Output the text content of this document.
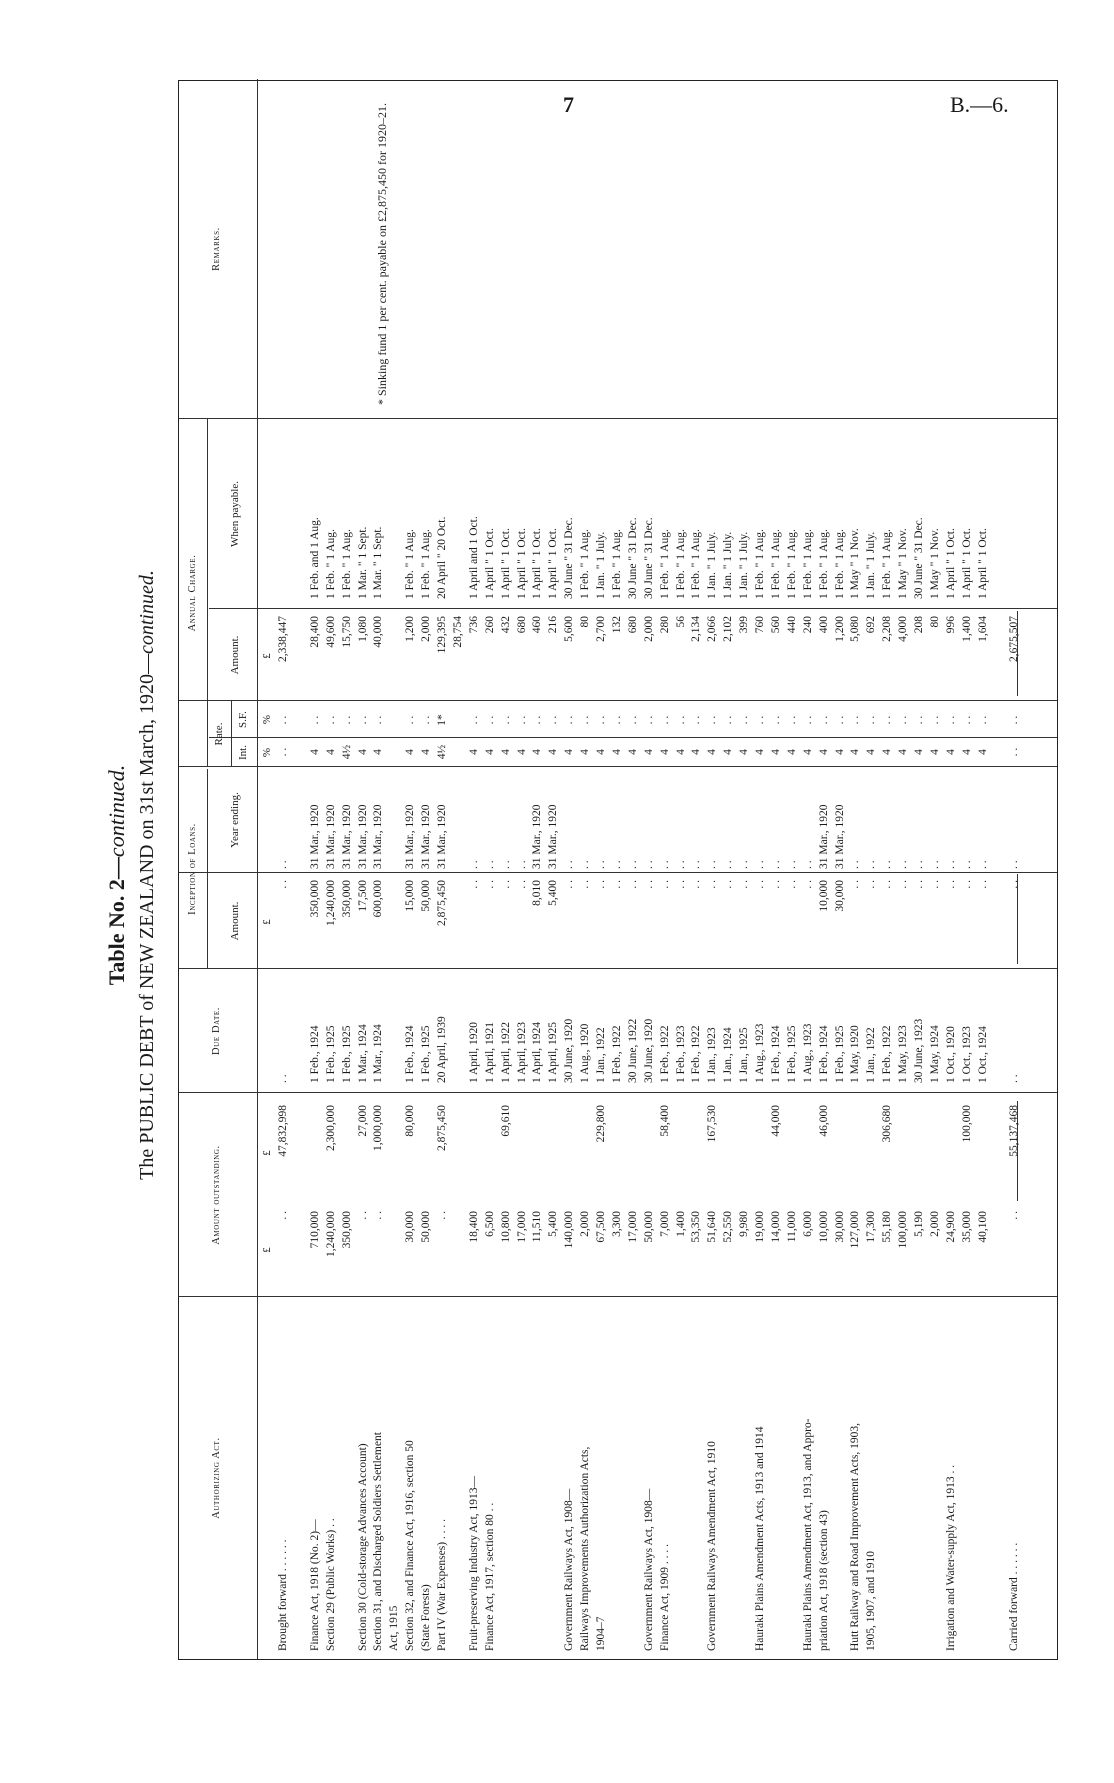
7	B.—6.
Table No. 2—continued. The PUBLIC DEBT of NEW ZEALAND on 31st March, 1920—continued.
Authorizing Act.
Amount outstanding.
Due Date.
Inception of Loans.
Amount.
Year ending.
Annual Charge.
Rate.
Int.
S.F.
Amount.
When payable.
Remarks.
£
£
£
%
%
£
Brought forward . . . . . .
. .
47,832,998
. .
. .
. .
. .
. .
2,338,447
Finance Act, 1918 (No. 2)—
710,000
1 Feb., 1924
350,000
31 Mar., 1920
4
. .
28,400
1 Feb. and 1 Aug.
Section 29 (Public Works) . .
1,240,000
2,300,000
1 Feb., 1925
1,240,000
31 Mar., 1920
4
. .
49,600
1 Feb. " 1 Aug.
350,000
1 Feb., 1925
350,000
31 Mar., 1920
4½
. .
15,750
1 Feb. " 1 Aug.
Section 30 (Cold-storage Advances Account)
. .
27,000
1 Mar., 1924
17,500
31 Mar., 1920
4
. .
1,080
1 Mar. " 1 Sept.
Section 31, and Discharged Soldiers Settlement
. .
1,000,000
1 Mar., 1924
600,000
31 Mar., 1920
4
. .
40,000
1 Mar. " 1 Sept.
Act, 1915 Section 32, and Finance Act, 1916, section 50
30,000
80,000
1 Feb., 1924
15,000
31 Mar., 1920
4
. .
1,200
1 Feb. " 1 Aug.
(State Forests)
50,000
1 Feb., 1925
50,000
31 Mar., 1920
4
. .
2,000
1 Feb. " 1 Aug.
Part IV (War Expenses) . . . .
. .
2,875,450
20 April, 1939
2,875,450
31 Mar., 1920
4½
1*
129,395
20 April " 20 Oct.
28,754
Fruit-preserving Industry Act, 1913—
18,400
1 April, 1920
. .
. .
4
. .
736
1 April and 1 Oct.
Finance Act, 1917, section 80 . .
6,500
1 April, 1921
. .
. .
4
. .
260
1 April " 1 Oct.
10,800
69,610
1 April, 1922
. .
. .
4
. .
432
1 April " 1 Oct.
17,000
1 April, 1923
. .
. .
4
. .
680
1 April " 1 Oct.
11,510
1 April, 1924
8,010
31 Mar., 1920
4
. .
460
1 April " 1 Oct.
5,400
1 April, 1925
5,400
31 Mar., 1920
4
. .
216
1 April " 1 Oct.
Government Railways Act, 1908—
140,000
30 June, 1920
. .
. .
4
. .
5,600
30 June " 31 Dec.
Railways Improvements Authorization Acts,
2,000
1 Aug., 1920
. .
. .
4
. .
80
1 Feb. " 1 Aug.
1904–7
67,500
229,800
1 Jan., 1922
. .
. .
4
. .
2,700
1 Jan. " 1 July.
3,300
1 Feb., 1922
. .
. .
4
. .
132
1 Feb. " 1 Aug.
17,000
30 June, 1922
. .
. .
4
. .
680
30 June " 31 Dec.
Government Railways Act, 1908—
50,000
30 June, 1920
. .
. .
4
. .
2,000
30 June " 31 Dec.
Finance Act, 1909 . . . .
7,000
58,400
1 Feb., 1922
. .
. .
4
. .
280
1 Feb. " 1 Aug.
1,400
1 Feb., 1923
. .
. .
4
. .
56
1 Feb. " 1 Aug.
53,350
1 Feb., 1922
. .
. .
4
. .
2,134
1 Feb. " 1 Aug.
Government Railways Amendment Act, 1910
51,640
167,530
1 Jan., 1923
. .
. .
4
. .
2,066
1 Jan. " 1 July.
52,550
1 Jan., 1924
. .
. .
4
. .
2,102
1 Jan. " 1 July.
9,980
1 Jan., 1925
. .
. .
4
. .
399
1 Jan. " 1 July.
Hauraki Plains Amendment Acts, 1913 and 1914
19,000
1 Aug., 1923
. .
. .
4
. .
760
1 Feb. " 1 Aug.
14,000
44,000
1 Feb., 1924
. .
. .
4
. .
560
1 Feb. " 1 Aug.
11,000
1 Feb., 1925
. .
. .
4
. .
440
1 Feb. " 1 Aug.
Hauraki Plains Amendment Act, 1913, and Appro-
6,000
1 Aug., 1923
. .
. .
4
. .
240
1 Feb. " 1 Aug.
priation Act, 1918 (section 43)
10,000
46,000
1 Feb., 1924
10,000
31 Mar., 1920
4
. .
400
1 Feb. " 1 Aug.
30,000
1 Feb., 1925
30,000
31 Mar., 1920
4
. .
1,200
1 Feb. " 1 Aug.
Hutt Railway and Road Improvement Acts, 1903,
127,000
1 May, 1920
. .
. .
4
. .
5,080
1 May " 1 Nov.
1905, 1907, and 1910
17,300
1 Jan., 1922
. .
. .
4
. .
692
1 Jan. " 1 July.
55,180
306,680
1 Feb., 1922
. .
. .
4
. .
2,208
1 Feb. " 1 Aug.
100,000
1 May, 1923
. .
. .
4
. .
4,000
1 May " 1 Nov.
5,190
30 June, 1923
. .
. .
4
. .
208
30 June " 31 Dec.
2,000
1 May, 1924
. .
. .
4
. .
80
1 May " 1 Nov.
Irrigation and Water-supply Act, 1913 . .
24,900
1 Oct., 1920
. .
. .
4
. .
996
1 April " 1 Oct.
35,000
100,000
1 Oct., 1923
. .
. .
4
. .
1,400
1 April " 1 Oct.
40,100
1 Oct., 1924
. .
. .
4
. .
1,604
1 April " 1 Oct.
Carried forward . . . . . .
. .
55,137,468
. .
. .
. .
. .
. .
2,675,507
* Sinking fund 1 per cent. payable on £2,875,450 for 1920–21.
